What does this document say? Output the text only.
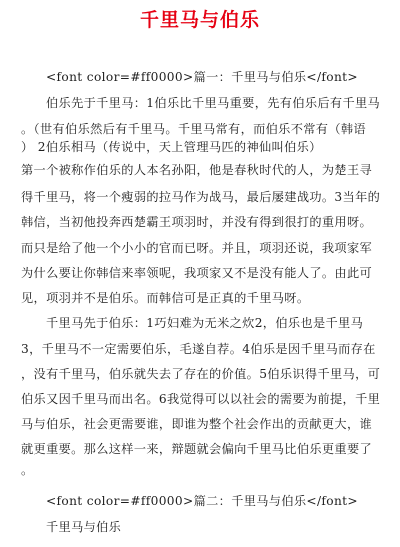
千里马与伯乐
<font color=#ff0000>篇一：千里马与伯乐</font>
伯乐先于千里马：1伯乐比千里马重要，先有伯乐后有千里马
。（世有伯乐然后有千里马。千里马常有，而伯乐不常有（韩语
） 2伯乐相马（传说中，天上管理马匹的神仙叫伯乐）
第一个被称作伯乐的人本名孙阳，他是春秋时代的人，为楚王寻
得千里马，将一个瘦弱的拉马作为战马，最后屡建战功。3当年的
韩信，当初他投奔西楚霸王项羽时，并没有得到很打的重用呀。
而只是给了他一个小小的官而已呀。并且，项羽还说，我项家军
为什么要让你韩信来率领呢，我项家又不是没有能人了。由此可
见，项羽并不是伯乐。而韩信可是正真的千里马呀。
千里马先于伯乐：1巧妇难为无米之炊2，伯乐也是千里马
3，千里马不一定需要伯乐，毛遂自荐。4伯乐是因千里马而存在
，没有千里马，伯乐就失去了存在的价值。5伯乐识得千里马，可
伯乐又因千里马而出名。6我觉得可以以社会的需要为前提，千里
马与伯乐，社会更需要谁，即谁为整个社会作出的贡献更大，谁
就更重要。那么这样一来，辩题就会偏向千里马比伯乐更重要了
。
<font color=#ff0000>篇二：千里马与伯乐</font>
千里马与伯乐
